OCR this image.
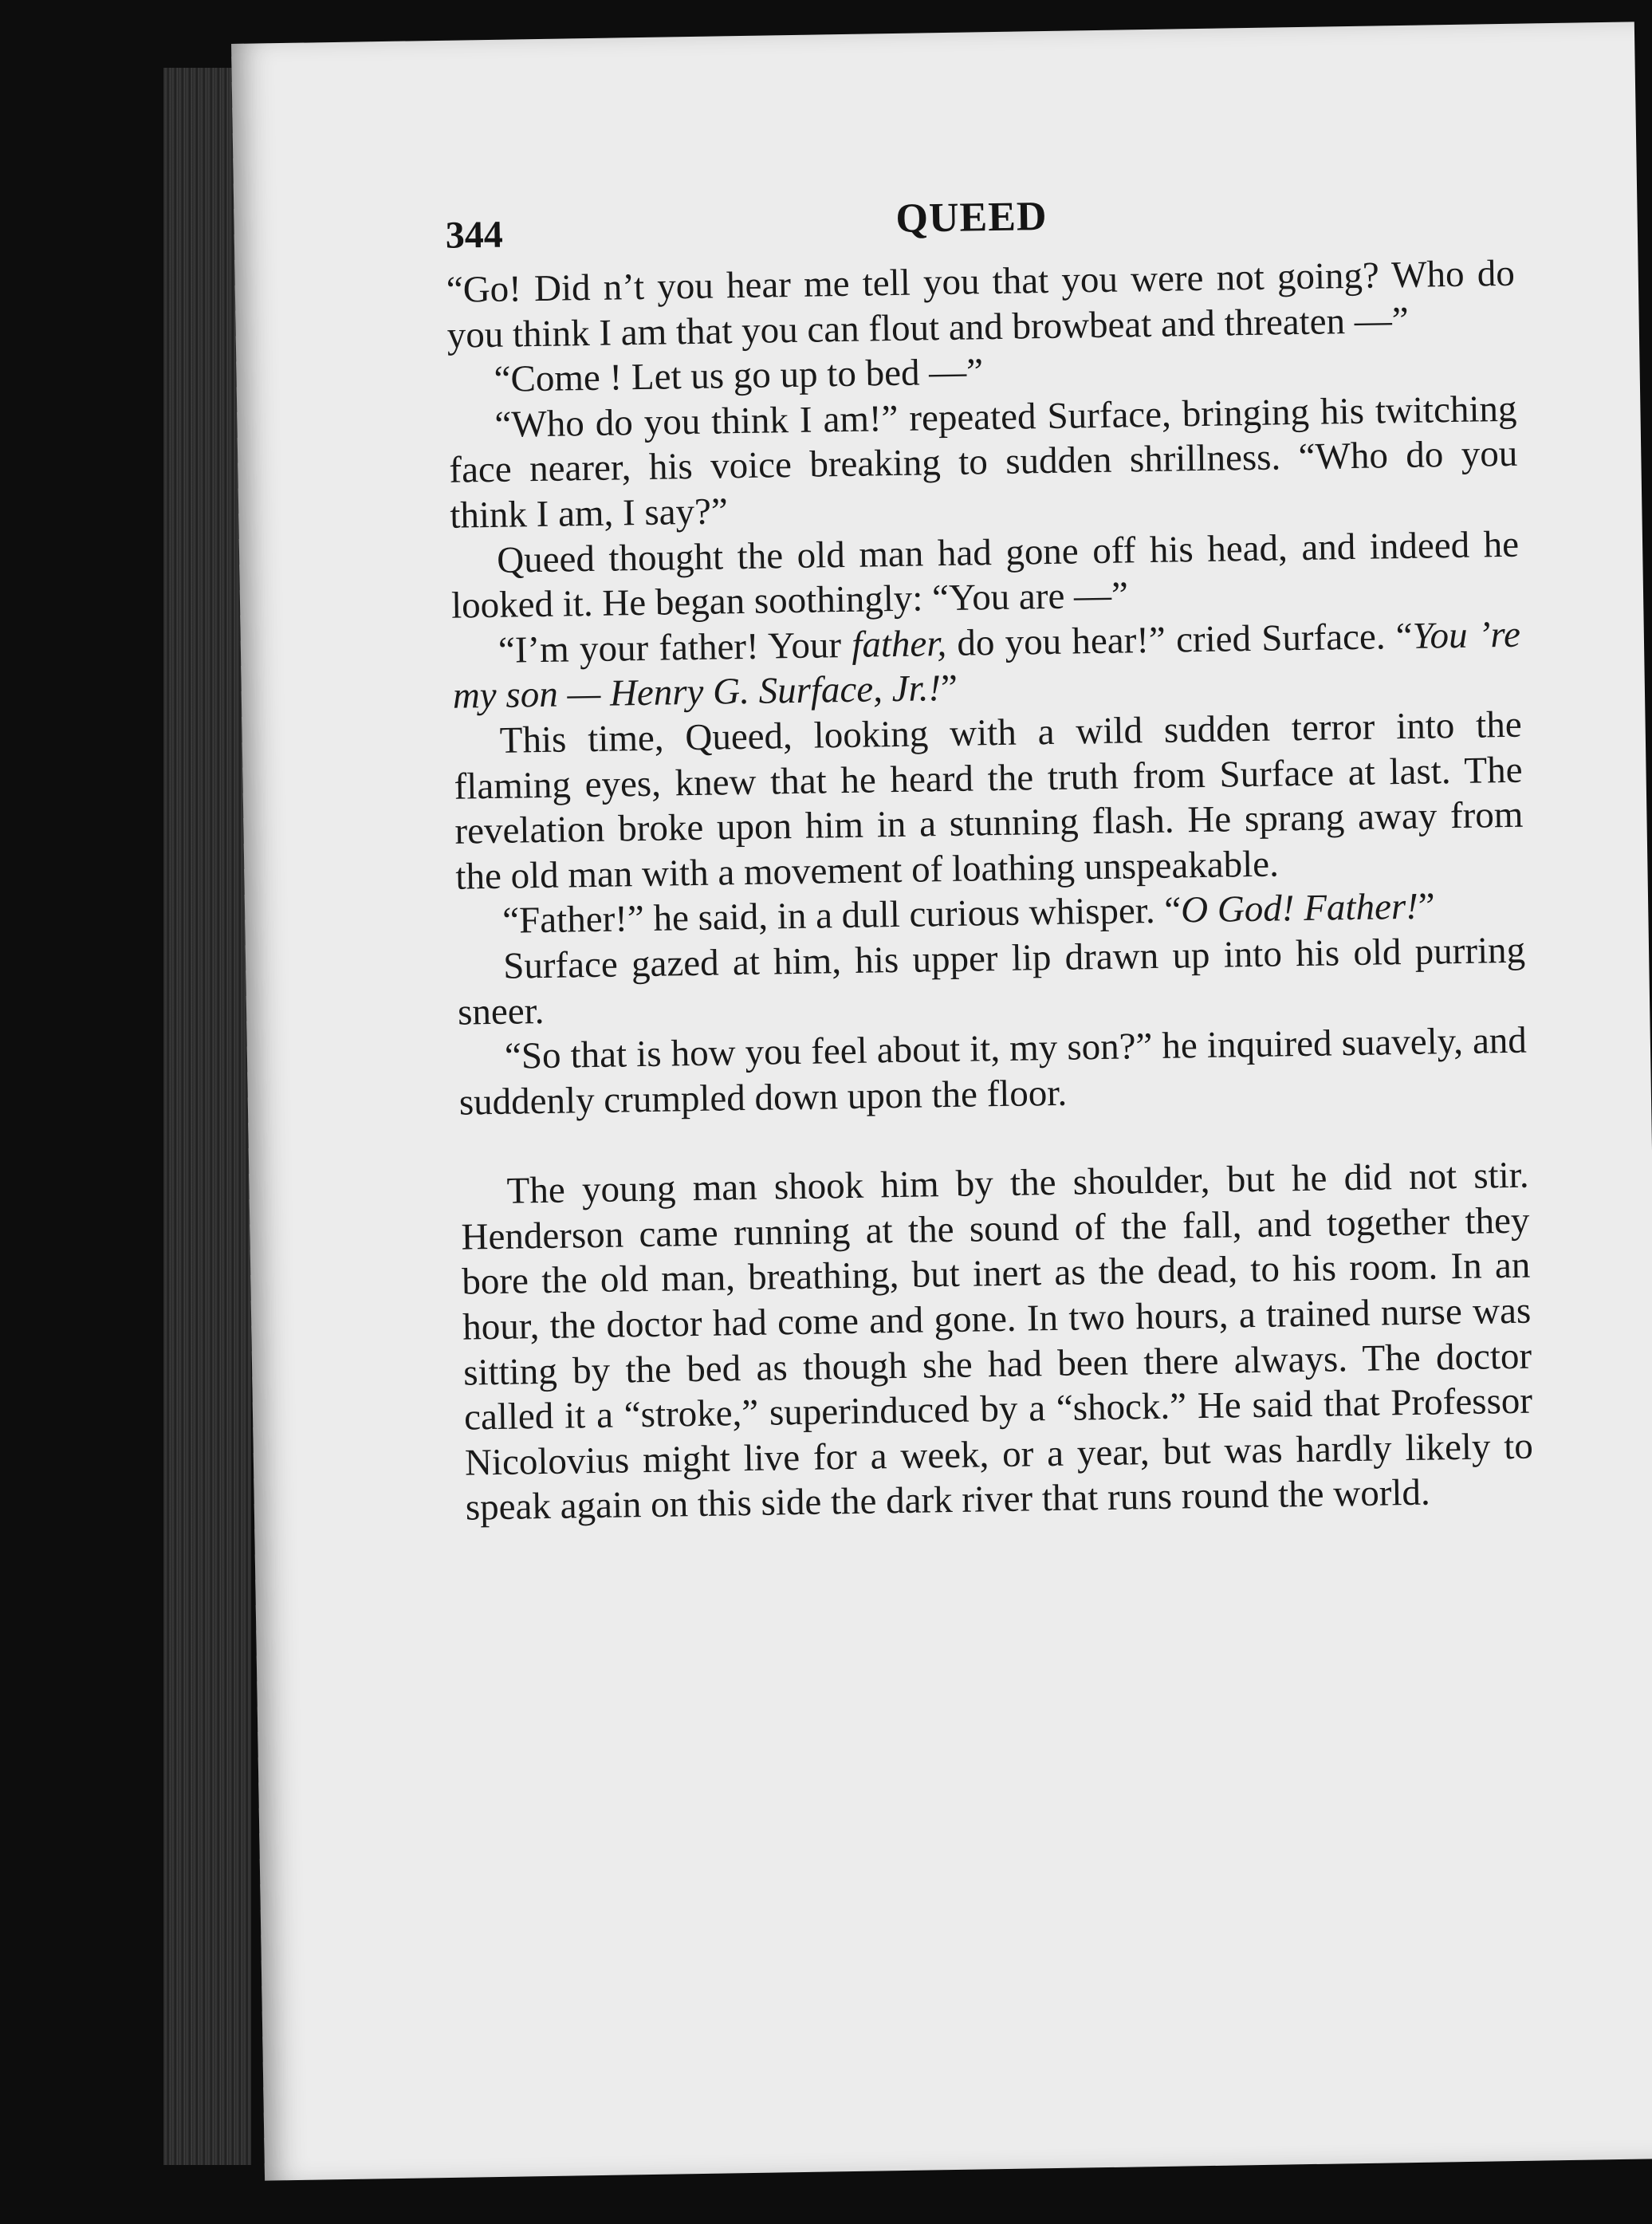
344	QUEED

“Go! Did n’t you hear me tell you that you were not going? Who do you think I am that you can flout and browbeat and threaten —”

“Come ! Let us go up to bed —”

“Who do you think I am!” repeated Surface, bringing his twitching face nearer, his voice breaking to sudden shrillness. “Who do you think I am, I say?”

Queed thought the old man had gone off his head, and indeed he looked it. He began soothingly: “You are —”

“I’m your father! Your father, do you hear!” cried Surface. “You ’re my son — Henry G. Surface, Jr.!”

This time, Queed, looking with a wild sudden terror into the flaming eyes, knew that he heard the truth from Surface at last. The revelation broke upon him in a stunning flash. He sprang away from the old man with a movement of loathing unspeakable.

“Father!” he said, in a dull curious whisper. “O God! Father!”

Surface gazed at him, his upper lip drawn up into his old purring sneer.

“So that is how you feel about it, my son?” he inquired suavely, and suddenly crumpled down upon the floor.

The young man shook him by the shoulder, but he did not stir. Henderson came running at the sound of the fall, and together they bore the old man, breathing, but inert as the dead, to his room. In an hour, the doctor had come and gone. In two hours, a trained nurse was sitting by the bed as though she had been there always. The doctor called it a “stroke,” superinduced by a “shock.” He said that Professor Nicolovius might live for a week, or a year, but was hardly likely to speak again on this side the dark river that runs round the world.
